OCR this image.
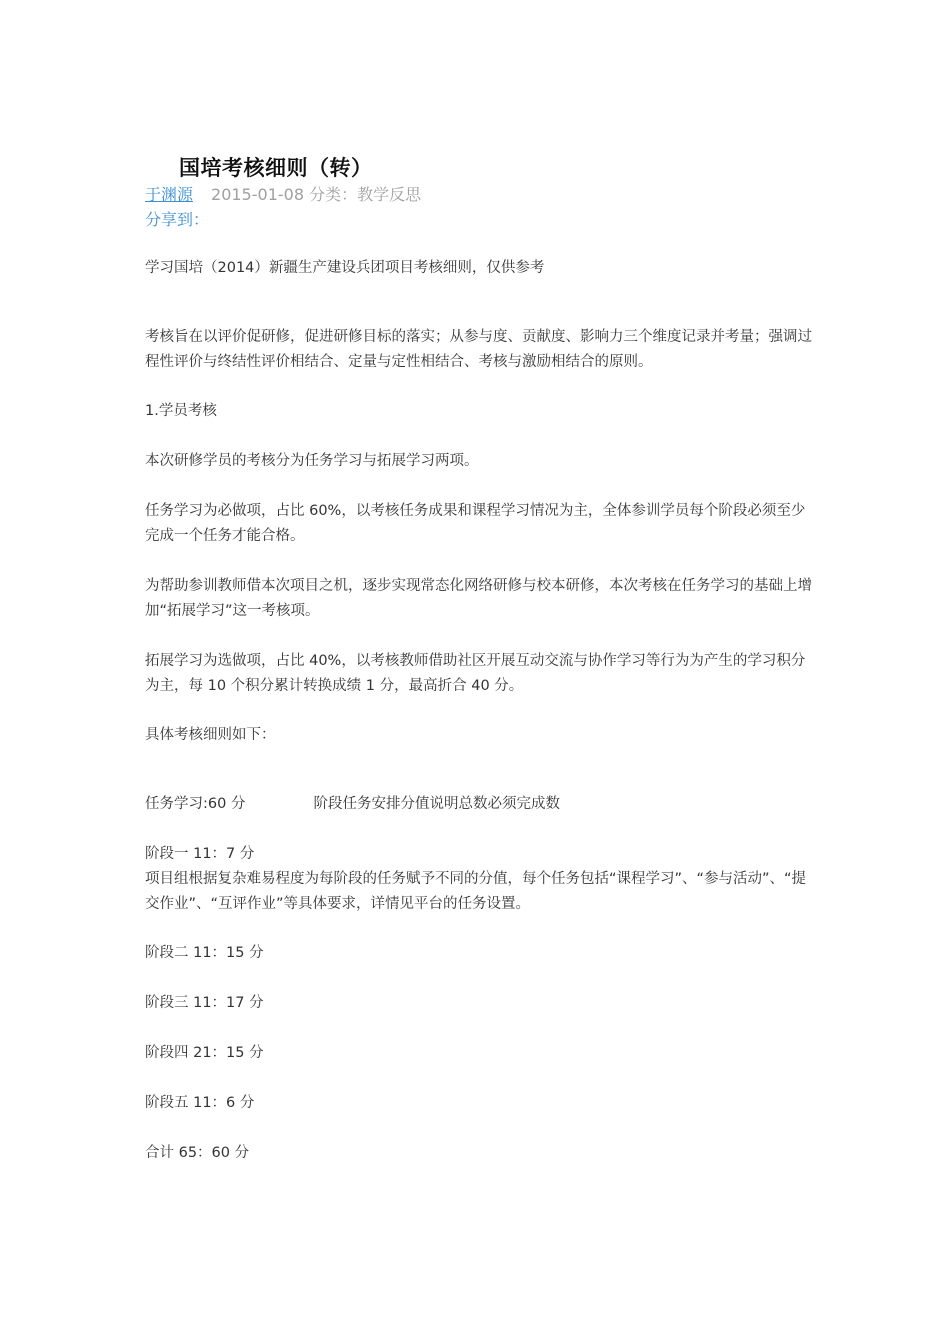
国培考核细则（转）
于渊源 2015-01-08 分类：教学反思
分享到：
学习国培（2014）新疆生产建设兵团项目考核细则，仅供参考
考核旨在以评价促研修，促进研修目标的落实；从参与度、贡献度、影响力三个维度记录并考量；强调过程性评价与终结性评价相结合、定量与定性相结合、考核与激励相结合的原则。
1.学员考核
本次研修学员的考核分为任务学习与拓展学习两项。
任务学习为必做项，占比 60%，以考核任务成果和课程学习情况为主，全体参训学员每个阶段必须至少完成一个任务才能合格。
为帮助参训教师借本次项目之机，逐步实现常态化网络研修与校本研修，本次考核在任务学习的基础上增加“拓展学习”这一考核项。
拓展学习为选做项，占比 40%，以考核教师借助社区开展互动交流与协作学习等行为为产生的学习积分为主，每 10 个积分累计转换成绩 1 分，最高折合 40 分。
具体考核细则如下：
任务学习:60 分	阶段任务安排分值说明总数必须完成数
阶段一 11：7 分
项目组根据复杂难易程度为每阶段的任务赋予不同的分值，每个任务包括“课程学习”、“参与活动”、“提交作业”、“互评作业”等具体要求，详情见平台的任务设置。
阶段二 11：15 分
阶段三 11：17 分
阶段四 21：15 分
阶段五 11：6 分
合计 65：60 分
